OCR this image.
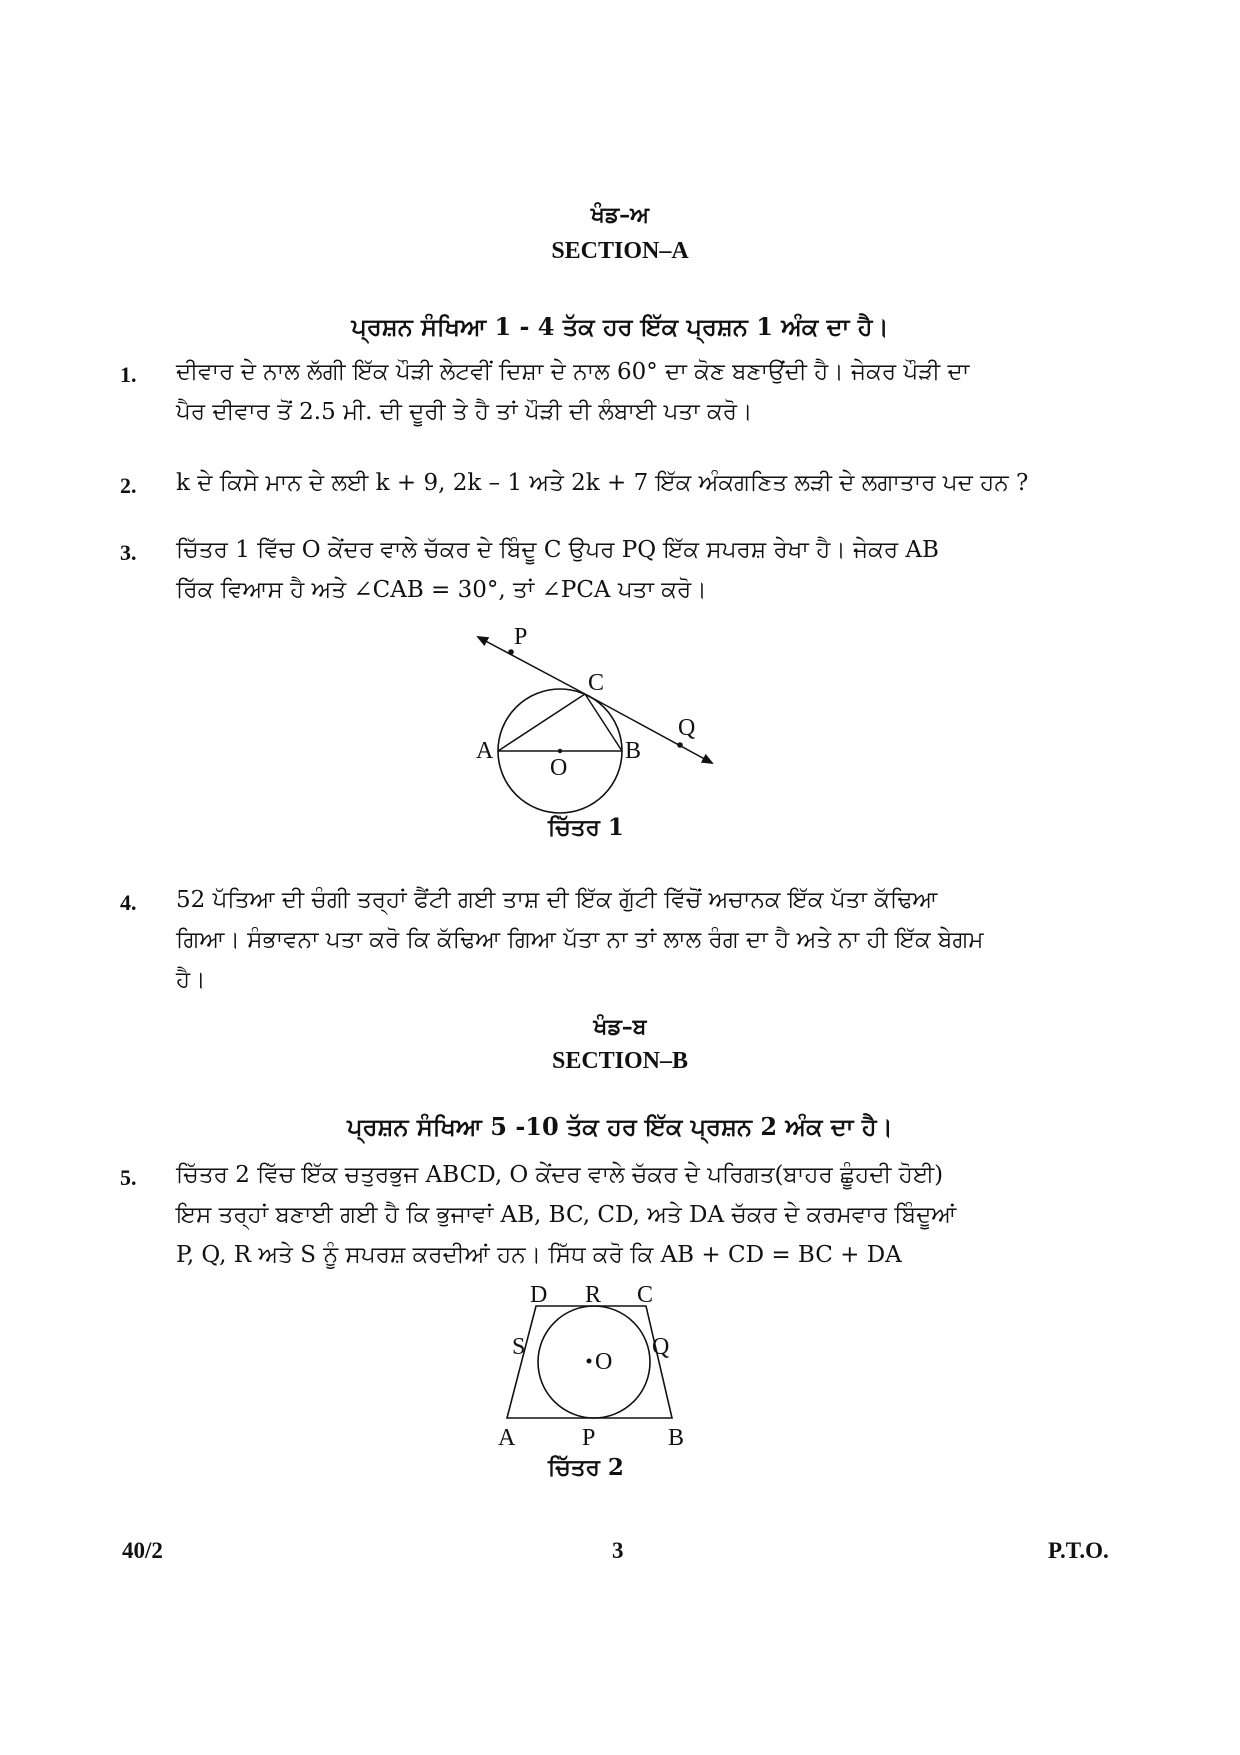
ਖੰਡ–ਅ
SECTION–A
ਪ੍ਰਸ਼ਨ ਸੰਖਿਆ 1 - 4 ਤੱਕ ਹਰ ਇੱਕ ਪ੍ਰਸ਼ਨ 1 ਅੰਕ ਦਾ ਹੈ।
1. ਦੀਵਾਰ ਦੇ ਨਾਲ ਲੱਗੀ ਇੱਕ ਪੌੜੀ ਲੇਟਵੀਂ ਦਿਸ਼ਾ ਦੇ ਨਾਲ 60° ਦਾ ਕੋਣ ਬਣਾਉਂਦੀ ਹੈ। ਜੇਕਰ ਪੌੜੀ ਦਾ
ਪੈਰ ਦੀਵਾਰ ਤੋਂ 2.5 ਮੀ. ਦੀ ਦੂਰੀ ਤੇ ਹੈ ਤਾਂ ਪੌੜੀ ਦੀ ਲੰਬਾਈ ਪਤਾ ਕਰੋ।
2. k ਦੇ ਕਿਸੇ ਮਾਨ ਦੇ ਲਈ k + 9, 2k – 1 ਅਤੇ 2k + 7 ਇੱਕ ਅੰਕਗਣਿਤ ਲੜੀ ਦੇ ਲਗਾਤਾਰ ਪਦ ਹਨ ?
3. ਚਿੱਤਰ 1 ਵਿੱਚ O ਕੇਂਦਰ ਵਾਲੇ ਚੱਕਰ ਦੇ ਬਿੰਦੂ C ਉਪਰ PQ ਇੱਕ ਸਪਰਸ਼ ਰੇਖਾ ਹੈ। ਜੇਕਰ AB
ਰਿੱਕ ਵਿਆਸ ਹੈ ਅਤੇ ∠CAB = 30°, ਤਾਂ ∠PCA ਪਤਾ ਕਰੋ।
P
C
Q
A
O
B
ਚਿੱਤਰ 1
4. 52 ਪੱਤਿਆ ਦੀ ਚੰਗੀ ਤਰ੍ਹਾਂ ਫੈਂਟੀ ਗਈ ਤਾਸ਼ ਦੀ ਇੱਕ ਗੁੱਟੀ ਵਿੱਚੋਂ ਅਚਾਨਕ ਇੱਕ ਪੱਤਾ ਕੱਢਿਆ
ਗਿਆ। ਸੰਭਾਵਨਾ ਪਤਾ ਕਰੋ ਕਿ ਕੱਢਿਆ ਗਿਆ ਪੱਤਾ ਨਾ ਤਾਂ ਲਾਲ ਰੰਗ ਦਾ ਹੈ ਅਤੇ ਨਾ ਹੀ ਇੱਕ ਬੇਗਮ
ਹੈ।
ਖੰਡ–ਬ
SECTION–B
ਪ੍ਰਸ਼ਨ ਸੰਖਿਆ 5 -10 ਤੱਕ ਹਰ ਇੱਕ ਪ੍ਰਸ਼ਨ 2 ਅੰਕ ਦਾ ਹੈ।
5. ਚਿੱਤਰ 2 ਵਿੱਚ ਇੱਕ ਚਤੁਰਭੁਜ ABCD, O ਕੇਂਦਰ ਵਾਲੇ ਚੱਕਰ ਦੇ ਪਰਿਗਤ(ਬਾਹਰ ਛੂੰਹਦੀ ਹੋਈ)
ਇਸ ਤਰ੍ਹਾਂ ਬਣਾਈ ਗਈ ਹੈ ਕਿ ਭੁਜਾਵਾਂ AB, BC, CD, ਅਤੇ DA ਚੱਕਰ ਦੇ ਕਰਮਵਾਰ ਬਿੰਦੂਆਂ
P, Q, R ਅਤੇ S ਨੂੰ ਸਪਰਸ਼ ਕਰਦੀਆਂ ਹਨ। ਸਿੱਧ ਕਰੋ ਕਿ AB + CD = BC + DA
D R C
S	Q
O
A	P	B
ਚਿੱਤਰ 2
40/2	3	P.T.O.
